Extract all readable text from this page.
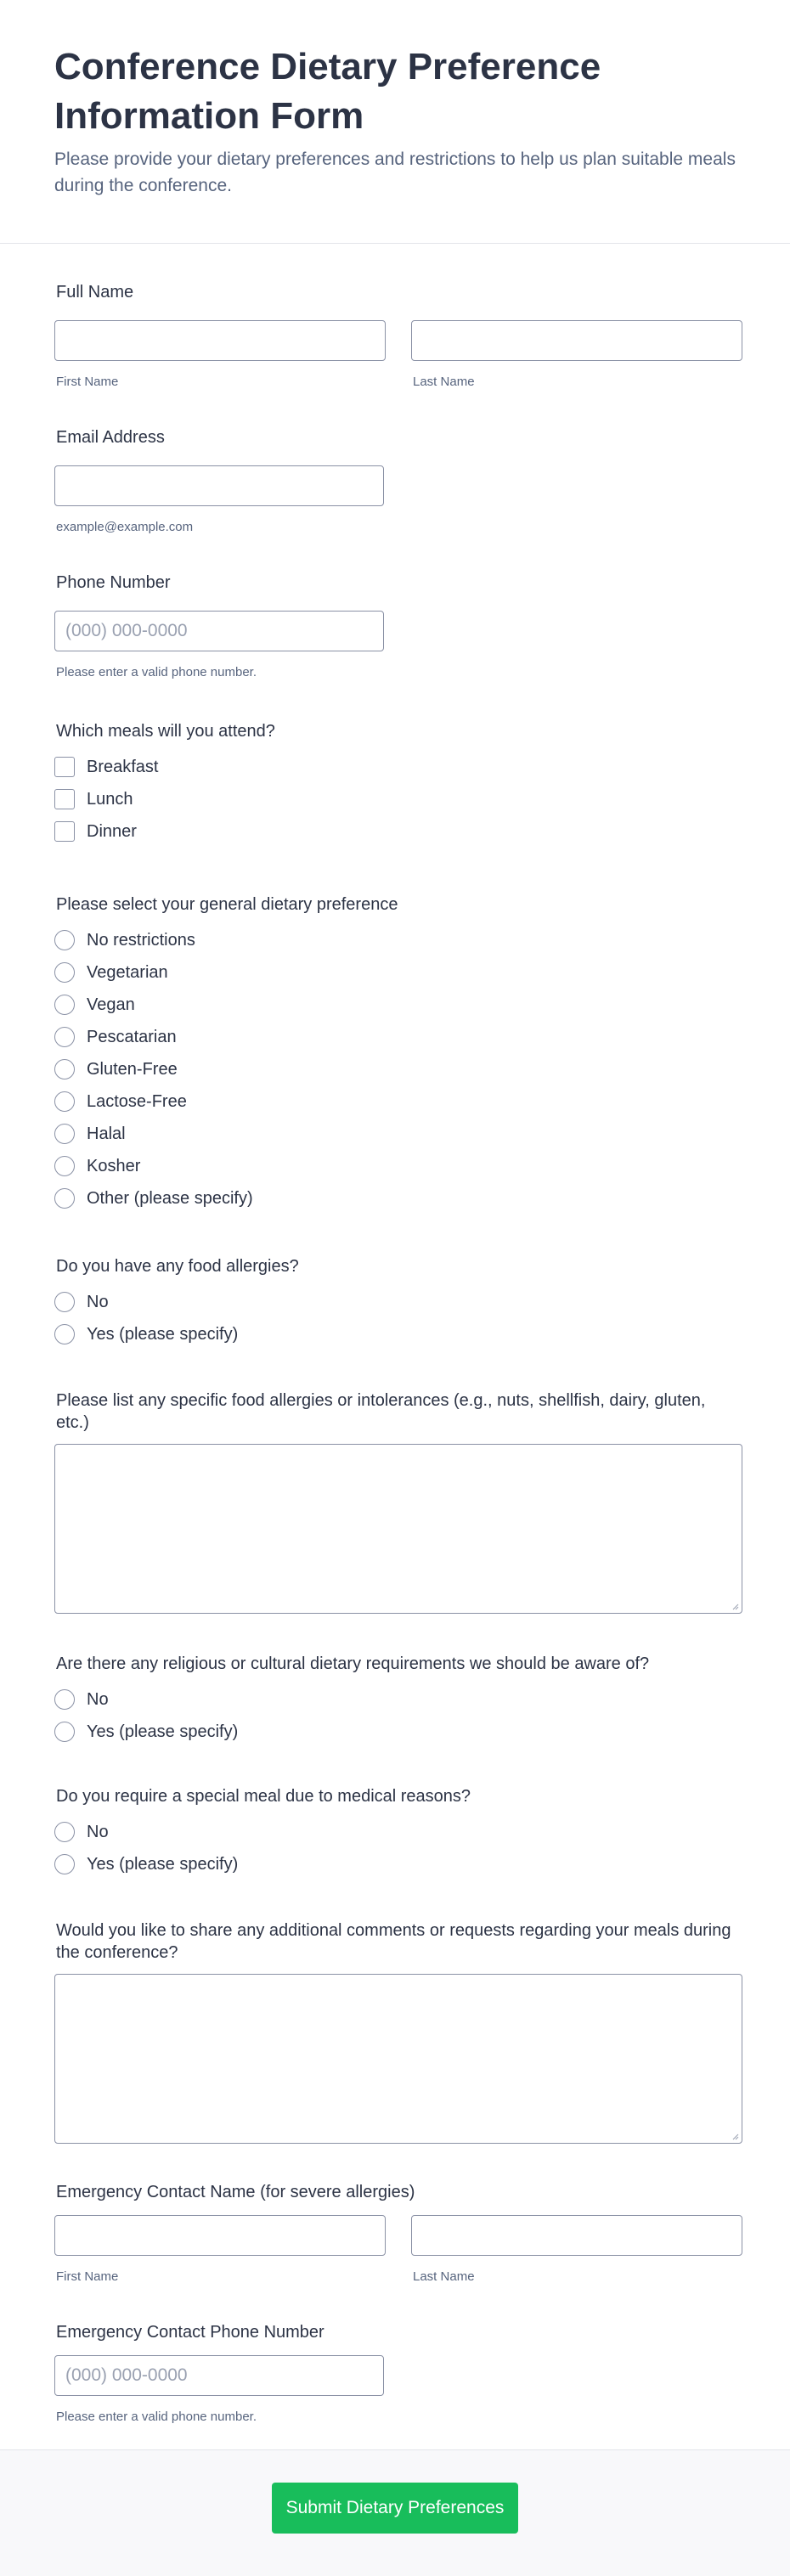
Conference Dietary Preference Information Form
Please provide your dietary preferences and restrictions to help us plan suitable meals during the conference.
Full Name
First Name	Last Name
Email Address
example@example.com
Phone Number
(000) 000-0000
Please enter a valid phone number.
Which meals will you attend?
Breakfast
Lunch
Dinner
Please select your general dietary preference
No restrictions
Vegetarian
Vegan
Pescatarian
Gluten-Free
Lactose-Free
Halal
Kosher
Other (please specify)
Do you have any food allergies?
No
Yes (please specify)
Please list any specific food allergies or intolerances (e.g., nuts, shellfish, dairy, gluten, etc.)
Are there any religious or cultural dietary requirements we should be aware of?
No
Yes (please specify)
Do you require a special meal due to medical reasons?
No
Yes (please specify)
Would you like to share any additional comments or requests regarding your meals during the conference?
Emergency Contact Name (for severe allergies)
First Name	Last Name
Emergency Contact Phone Number
(000) 000-0000
Please enter a valid phone number.
Submit Dietary Preferences
